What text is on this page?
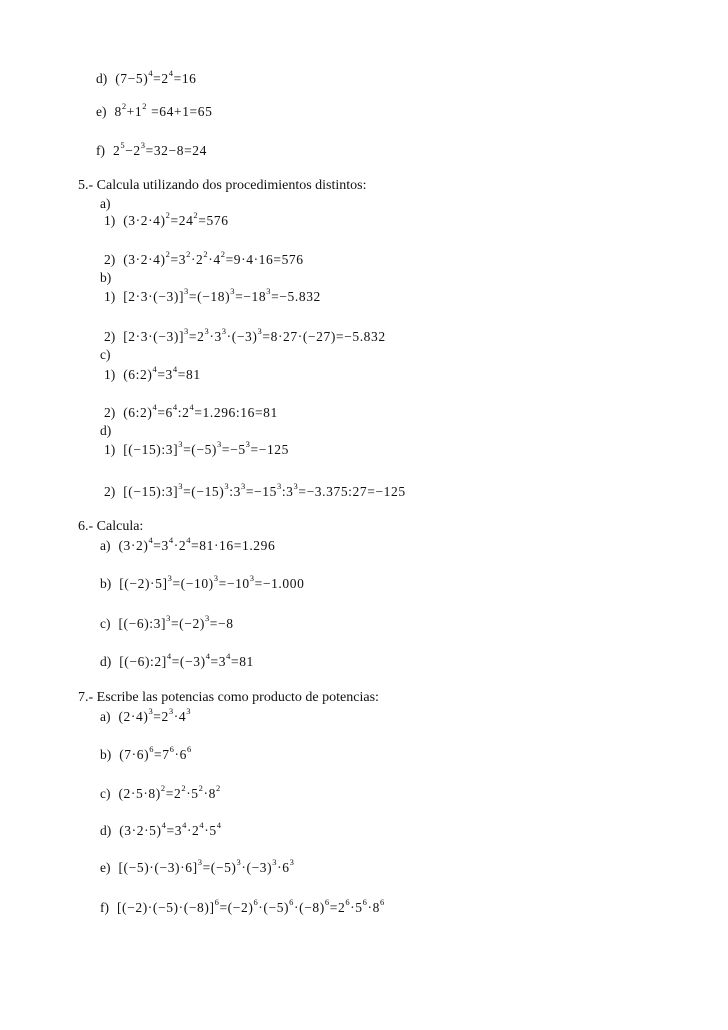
d)  $(7-5)^4=2^4=16$
e)  $8^2+1^2 =64+1=65$
f)  $2^5-2^3=32-8=24$
5.- Calcula utilizando dos procedimientos distintos:
a)
1)  $(3\cdot 2\cdot 4)^2=24^2=576$
2)  $(3\cdot 2\cdot 4)^2=3^2\cdot 2^2\cdot 4^2=9\cdot 4\cdot 16=576$
b)
1)  $[2\cdot 3\cdot(-3)]^3=(-18)^3=-18^3=-5.832$
2)  $[2\cdot 3\cdot(-3)]^3=2^3\cdot 3^3\cdot(-3)^3=8\cdot 27\cdot(-27)=-5.832$
c)
1)  $(6:2)^4=3^4=81$
2)  $(6:2)^4=6^4:2^4=1.296:16=81$
d)
1)  $[(-15):3]^3=(-5)^3=-5^3=-125$
2)  $[(-15):3]^3=(-15)^3:3^3=-15^3:3^3=-3.375:27=-125$
6.- Calcula:
a)  $(3\cdot 2)^4=3^4\cdot 2^4=81\cdot 16=1.296$
b)  $[(-2)\cdot 5]^3=(-10)^3=-10^3=-1.000$
c)  $[(-6):3]^3=(-2)^3=-8$
d)  $[(-6):2]^4=(-3)^4=3^4=81$
7.- Escribe las potencias como producto de potencias:
a)  $(2\cdot 4)^3=2^3\cdot 4^3$
b)  $(7\cdot 6)^6=7^6\cdot 6^6$
c)  $(2\cdot 5\cdot 8)^2=2^2\cdot 5^2\cdot 8^2$
d)  $(3\cdot 2\cdot 5)^4=3^4\cdot 2^4\cdot 5^4$
e)  $[(-5)\cdot(-3)\cdot 6]^3=(-5)^3\cdot(-3)^3\cdot 6^3$
f)  $[(-2)\cdot(-5)\cdot(-8)]^6=(-2)^6\cdot(-5)^6\cdot(-8)^6=2^6\cdot 5^6\cdot 8^6$
